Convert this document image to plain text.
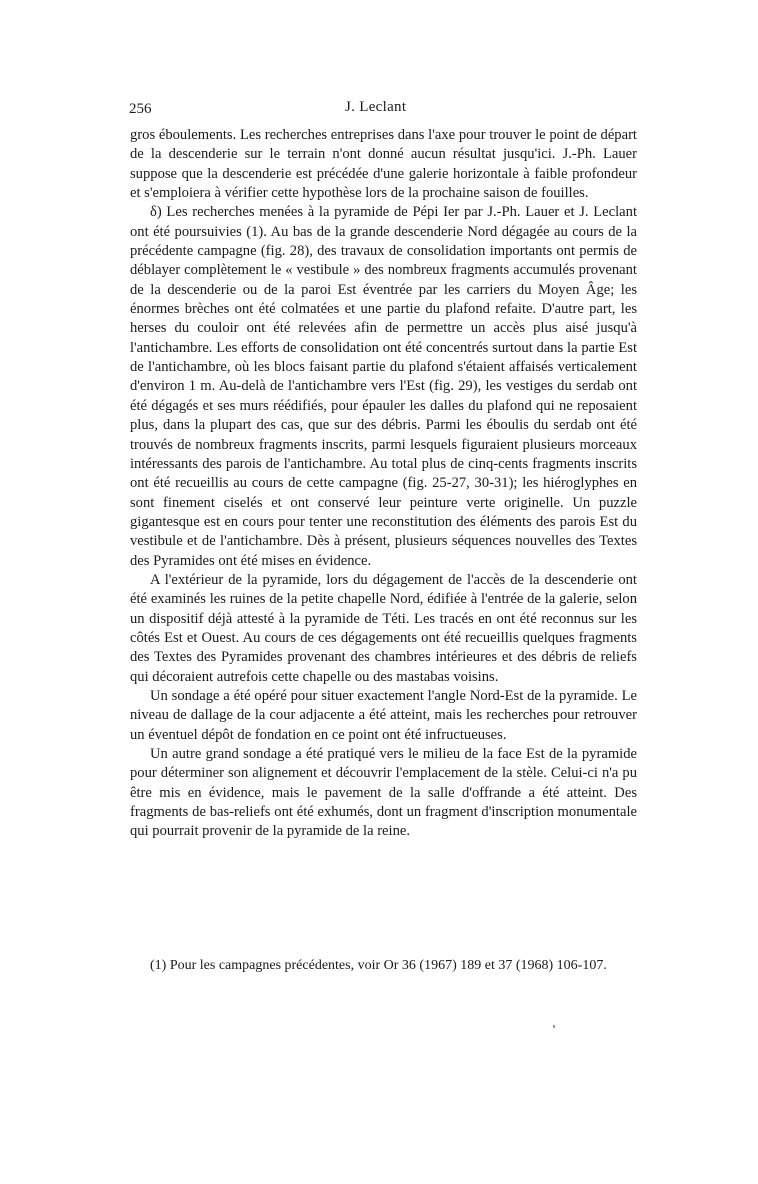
256	J. Leclant

gros éboulements. Les recherches entreprises dans l'axe pour trouver le point de départ de la descenderie sur le terrain n'ont donné aucun résultat jusqu'ici. J.-Ph. Lauer suppose que la descenderie est précédée d'une galerie horizontale à faible profondeur et s'emploiera à vérifier cette hypothèse lors de la prochaine saison de fouilles.

δ) Les recherches menées à la pyramide de Pépi Ier par J.-Ph. Lauer et J. Leclant ont été poursuivies (1). Au bas de la grande descenderie Nord dégagée au cours de la précédente campagne (fig. 28), des travaux de consolidation importants ont permis de déblayer complètement le « vestibule » des nombreux fragments accumulés provenant de la descenderie ou de la paroi Est éventrée par les carriers du Moyen Âge; les énormes brèches ont été colmatées et une partie du plafond refaite. D'autre part, les herses du couloir ont été relevées afin de permettre un accès plus aisé jusqu'à l'antichambre. Les efforts de consolidation ont été concentrés surtout dans la partie Est de l'antichambre, où les blocs faisant partie du plafond s'étaient affaisés verticalement d'environ 1 m. Au-delà de l'antichambre vers l'Est (fig. 29), les vestiges du serdab ont été dégagés et ses murs réédifiés, pour épauler les dalles du plafond qui ne reposaient plus, dans la plupart des cas, que sur des débris. Parmi les éboulis du serdab ont été trouvés de nombreux fragments inscrits, parmi lesquels figuraient plusieurs morceaux intéressants des parois de l'antichambre. Au total plus de cinq-cents fragments inscrits ont été recueillis au cours de cette campagne (fig. 25-27, 30-31); les hiéroglyphes en sont finement ciselés et ont conservé leur peinture verte originelle. Un puzzle gigantesque est en cours pour tenter une reconstitution des éléments des parois Est du vestibule et de l'antichambre. Dès à présent, plusieurs séquences nouvelles des Textes des Pyramides ont été mises en évidence.

A l'extérieur de la pyramide, lors du dégagement de l'accès de la descenderie ont été examinés les ruines de la petite chapelle Nord, édifiée à l'entrée de la galerie, selon un dispositif déjà attesté à la pyramide de Téti. Les tracés en ont été reconnus sur les côtés Est et Ouest. Au cours de ces dégagements ont été recueillis quelques fragments des Textes des Pyramides provenant des chambres intérieures et des débris de reliefs qui décoraient autrefois cette chapelle ou des mastabas voisins.

Un sondage a été opéré pour situer exactement l'angle Nord-Est de la pyramide. Le niveau de dallage de la cour adjacente a été atteint, mais les recherches pour retrouver un éventuel dépôt de fondation en ce point ont été infructueuses.

Un autre grand sondage a été pratiqué vers le milieu de la face Est de la pyramide pour déterminer son alignement et découvrir l'emplacement de la stèle. Celui-ci n'a pu être mis en évidence, mais le pavement de la salle d'offrande a été atteint. Des fragments de bas-reliefs ont été exhumés, dont un fragment d'inscription monumentale qui pourrait provenir de la pyramide de la reine.

(1) Pour les campagnes précédentes, voir Or 36 (1967) 189 et 37 (1968) 106-107.
